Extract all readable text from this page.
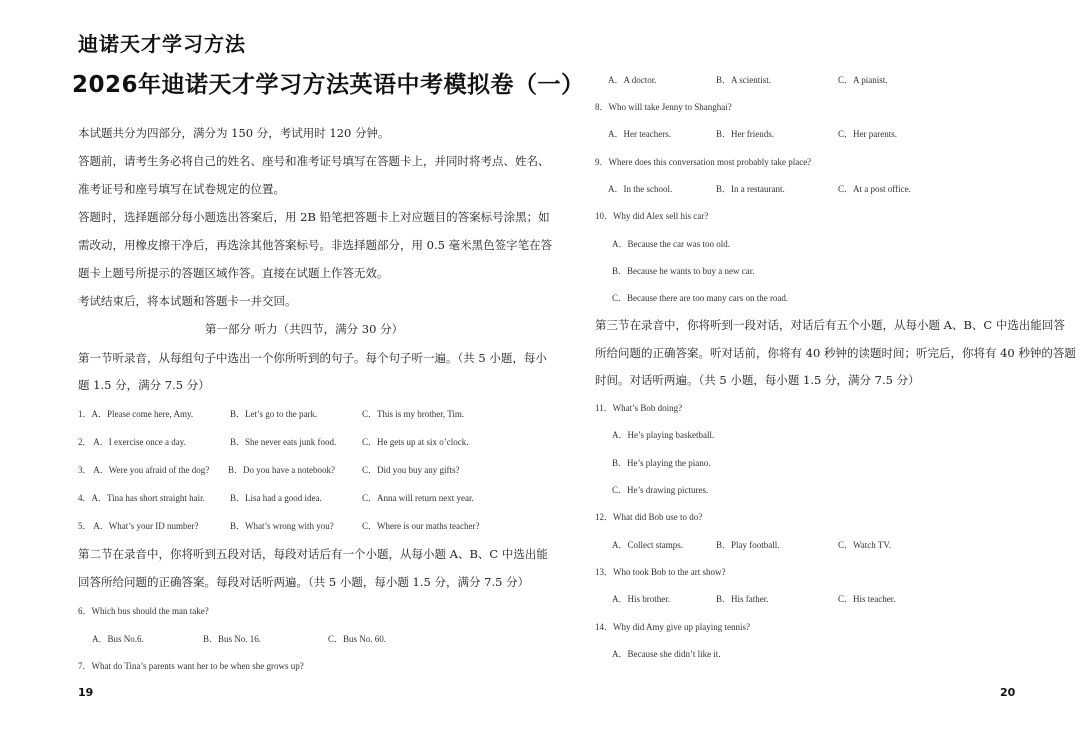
迪诺天才学习方法
2026年迪诺天才学习方法英语中考模拟卷（一）
本试题共分为四部分，满分为 150 分，考试用时 120 分钟。
答题前，请考生务必将自己的姓名、座号和准考证号填写在答题卡上，并同时将考点、姓名、
准考证号和座号填写在试卷规定的位置。
答题时，选择题部分每小题选出答案后，用 2B 铅笔把答题卡上对应题目的答案标号涂黑；如
需改动，用橡皮擦干净后，再选涂其他答案标号。非选择题部分，用 0.5 毫米黑色签字笔在答
题卡上题号所提示的答题区域作答。直接在试题上作答无效。
考试结束后，将本试题和答题卡一并交回。
第一部分 听力（共四节，满分 30 分）
第一节听录音，从每组句子中选出一个你所听到的句子。每个句子听一遍。（共 5 小题，每小
题 1.5 分，满分 7.5 分）
1．A．Please come here, Amy.	B．Let’s go to the park.	C．This is my brother, Tim.
2． A．I exercise once a day.	B．She never eats junk food.	C．He gets up at six o’clock.
3． A．Were you afraid of the dog? B．Do you have a notebook?	C．Did you buy any gifts?
4．A．Tina has short straight hair.	B．Lisa had a good idea.	C．Anna will return next year.
5． A．What’s your ID number?	B．What’s wrong with you?	C．Where is our maths teacher?
第二节在录音中，你将听到五段对话，每段对话后有一个小题，从每小题 A、B、C 中选出能
回答所给问题的正确答案。每段对话听两遍。（共 5 小题，每小题 1.5 分，满分 7.5 分）
6．Which bus should the man take?
A．Bus No.6.	B．Bus No. 16.	C．Bus No. 60.
7．What do Tina’s parents want her to be when she grows up?
19
A．A doctor.	B．A scientist.	C．A pianist.
8．Who will take Jenny to Shanghai?
A．Her teachers.	B．Her friends.	C．Her parents.
9．Where does this conversation most probably take place?
A．In the school.	B．In a restaurant.	C．At a post office.
10．Why did Alex sell his car?
A．Because the car was too old.
B．Because he wants to buy a new car.
C．Because there are too many cars on the road.
第三节在录音中，你将听到一段对话，对话后有五个小题，从每小题 A、B、C 中选出能回答
所给问题的正确答案。听对话前，你将有 40 秒钟的读题时间；听完后，你将有 40 秒钟的答题
时间。对话听两遍。（共 5 小题，每小题 1.5 分，满分 7.5 分）
11．What’s Bob doing?
A．He’s playing basketball.
B．He’s playing the piano.
C．He’s drawing pictures.
12．What did Bob use to do?
A．Collect stamps.	B．Play football.	C．Watch TV.
13．Who took Bob to the art show?
A．His brother.	B．His father.	C．His teacher.
14．Why did Amy give up playing tennis?
A．Because she didn’t like it.
20
